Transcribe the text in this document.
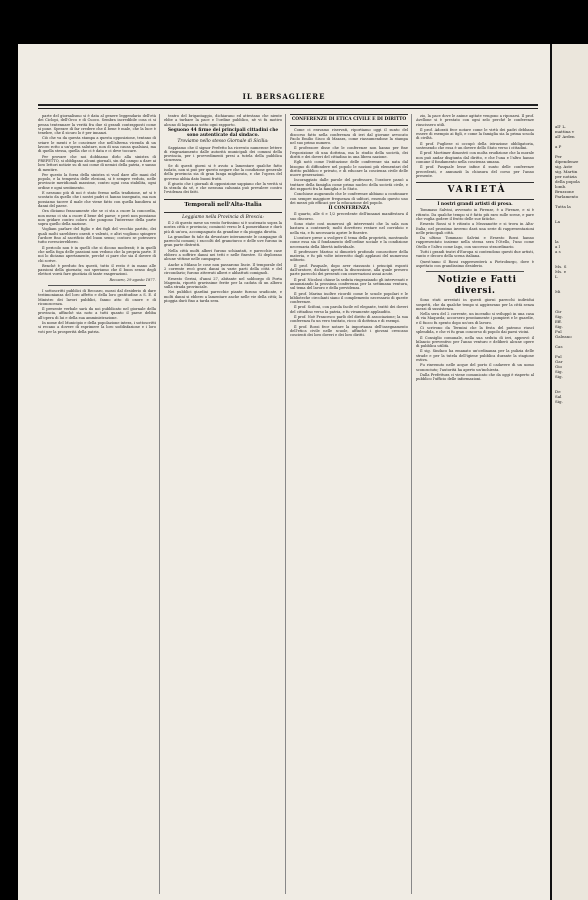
IL BERSAGLIERE

parte del giornalismo si è data al genere leggendario dell'età dei Ciclopi, dell'Orco e di Cuoco. Sembra incredibile cosa ci si pensa tentennare la verità fra due sì grandi contrapposti come si pone. Sperare di far credere che il bene è male, che la luce è tenebre, che il sicuro lo è per innanzi.

Ciò che va da questa stampa a questa opposizione, tentano di sviare le menti e le coscienze che nell'alterna vicenda di un lavoro rotto a un'opera salutare, non di una causa qualsiasi, ma di quella stessa, quella che ci è data e ci deve toccare.

Per provare che noi dobbiamo dirlo alla sinistra di PREFETTO, si obbligano alcuni giornali, sin dal campo a dare ai loro lettori notizie su di noi come di nemici della patria, e sanno di mentire.

Per questo la forza della sinistra si vuol dare alle mani del popolo, e la tempesta delle elezioni, si è sempre veduto, nelle provincie meridionali massime, contro ogni cosa stabilita, ogni ordine e ogni sentimento.

E nessuno più di noi è stato fermo nella tradizione, né si è scostato da quello che i nostri padri ci hanno insegnato, ma non possiamo tacere il male che viene fatto con quella bandiera ai danni del paese.

Ora diciamo francamente che se ci sta a cuore la concordia, non meno ci sta a cuore il bene del paese; e però non possiamo non gridare contro coloro che pongono l'interesse della parte sopra quello della nazione.

Vogliam parlare del figlio e dei figli del vecchio partito, dei quali molti sarebbero onesti e valenti, e altri vogliono spingere l'ardore fino al sacrificio del buon senso; costoro se potessero tutto rovescierebbero.

Il pericolo non è in quelli che si dicono moderati; è in quelli che nella foga delle passioni non vedono che la propria parte. E noi lo diciamo apertamente, perché ci pare che sia il dovere di chi scrive.

Benché è perduto fra questi, tutto il resto è in mano alle passioni della giornata; noi speriamo che il buon senso degli elettori vorrà fare giustizia di tante esagerazioni.

Recoaro, 29 agosto 1877.

I sottoscritti pubblici di Recoaro, mossi dal desiderio di dare testimonianza del loro affetto e della loro gratitudine a S. E. il Ministro dei lavori pubblici, fanno atto di onore e di riconoscenza.

Il presente verbale sarà da noi pubblicato nel giornale della provincia, affinché sia noto a tutti quanto il paese debba all'opera di lui e della sua amministrazione.

In nome del Municipio e della popolazione intera, i sottoscritti si recano a dovere di esprimere la loro soddisfazione e i loro voti per la prosperità della patria.

teatro del brigantaggio, dichiarano ed attestano che niente ebbe a turbare la pace e l'ordine pubblico, nè vi fu motivo alcuno di lagnanza sotto ogni rapporto.

Seguono 44 firme dei principali cittadini che sono autenticate dal sindaco.

Troviamo nello stesso Giornale di Sicilia:

Sappiamo che il signor Prefetto ha ricevuto numerose lettere di ringraziamento dalle autorità municipali dei comuni della provincia, per i provvedimenti presi a tutela della pubblica sicurezza.

Se di questi giorni si è avuto a lamentare qualche fatto isolato, non si può per questo negare che la condizione generale della provincia sia di gran lunga migliorata, e che l'opera del governo abbia dato buoni frutti.

È giusto che i giornali di opposizione sappiano che la verità si fa strada da sé, e che nessuna calunnia può prevalere contro l'evidenza dei fatti.

Temporali nell'Alta-Italia

Leggiamo nella Provincia di Brescia:

Il 2 di questo mese un vento fortissimo si è scatenato sopra la nostra città e provincia; cominciò verso le 4 pomeridiane e durò più di un'ora, accompagnato da grandine e da pioggia dirotta.

La grandine fu tale da devastare interamente le campagne di parecchi comuni; i raccolti del granoturco e delle uve furono in gran parte distrutti.

Nella città molti alberi furono schiantati, e parecchie case ebbero a soffrire danni nei tetti e nelle finestre. Si deplorano alcune vittime nelle campagne.

Anche a Milano le cose non passarono liscie. Il temporale del 2 corrente recò gravi danni in varie parti della città e del circondario; furono atterrati alberi e abbattuti comignoli.

Ernesto Gerini, d'anni 27, abitante nel sobborgo di Porta Magenta, riportò gravissime ferite per la caduta di un albero sulla strada provinciale.

Nei pubblici giardini parecchie piante furono sradicate, e molti danni si ebbero a lamentare anche nelle vie della città; la pioggia durò fino a tarda sera.

CONFERENZE DI ETICA CIVILE E DI DIRITTO

Come ci eravamo riservati, riportiamo oggi il sunto del discorso fatto nella conferenza di ieri dal giovane avvocato Paolo Emilio Sisco di Mazara, come riassumendone la stampa nel suo primo numero.

Il professore disse che le conferenze non hanno per fine l'esposizione di una dottrina, ma lo studio della società, dei diritti e dei doveri del cittadino in una libera nazione.

Egli notò come l'istituzione delle conferenze sia nata dal bisogno di diffondere nel popolo le nozioni più elementari del diritto pubblico e privato, e di educare la coscienza civile delle nuove generazioni.

Incoraggiato dalle parole del professore, l'oratore passò a trattare della famiglia come primo nucleo della società civile, e dei rapporti fra la famiglia e lo Stato.

Conchiuse augurando che le conferenze abbiano a continuare con sempre maggiore frequenza di uditori, essendo questo uno dei mezzi più efficaci per la educazione del popolo.

II CONFERENZA

Il quarto, alle 6 e 1/2 precedente dell'innanzi manifestava il suo discorso.

Sono state così numerosi gli intervenuti che la sala non bastava a contenerli; molti dovettero restare nel corridoio e nella via, e fu necessario aprire le finestre.

L'oratore prese a svolgere il tema della proprietà, mostrando come essa sia il fondamento dell'ordine sociale e la condizione necessaria della libertà individuale.

Il professore Marino si dimostrò profondo conoscitore della materia, e fu più volte interrotto dagli applausi del numeroso uditorio.

Il prof. Pasquale, dopo aver riassunto i principii esposti dall'oratore, dichiarò aperta la discussione, alla quale presero parte parecchi dei presenti con osservazioni assai acute.

Il prof. Nicolosi chiuse la seduta ringraziando gli intervenuti e annunziando la prossima conferenza per la settimana ventura, sul tema del lavoro e della previdenza.

Il prof. Marino inoltre ricordò come le scuole popolari e le biblioteche circolanti siano il complemento necessario di queste conferenze.

Il prof. Scifoni, con parola facile ed elegante, trattò dei doveri del cittadino verso la patria, e fu vivamente applaudito.

Il prof. Noè Francesco parlò del diritto di associazione; la sua conferenza fu un vero trattato, ricco di dottrina e di esempi.

Il prof. Rossi fece notare la importanza dell'insegnamento dell'etica civile nelle scuole, affinché i giovani crescano coscienti dei loro doveri e dei loro diritti.

zio, la pace dove le anime agitate vengono a riposarsi. Il prof. Avellone si è prestato con ogni zelo perché le conferenze riuscissero utili.

Il prof. Adorati fece notare come le virtù dei padri debbano essere di esempio ai figli, e come la famiglia sia la prima scuola di civiltà.

Il prof. Pugliese si occupò della istruzione obbligatoria, sostenendo che essa è un dovere dello Stato verso i cittadini.

Il prof. Mortimer dimostrò con molta erudizione che la morale non può andar disgiunta dal diritto, e che l'una e l'altro hanno comune il fondamento nella coscienza umana.

Il prof. Pasquale lesse infine il sunto delle conferenze precedenti, e annunziò la chiusura del corso per l'anno presente.

VARIETÀ

I nostri grandi artisti di prosa.

Tommaso Salvini, avvenuto in Firenze, è a Firenze, e si è ritirato. Da qualche tempo si è fatto più raro sulle scene, e pare che voglia godere il frutto delle sue fatiche.

Ernesto Rossi si è ritirato a Mezzanotte e si trova in Alta-Italia; nel prossimo inverno darà una serie di rappresentazioni nelle principali città.

Da ultimo Tommaso Salvini e Ernesto Rossi hanno rappresentato insieme nella stessa sera l'Otello, l'uno come Otello e l'altro come Iago, con successo straordinario.

Tutti i grandi teatri d'Europa si contendono questi due artisti, vanto e decoro della scena italiana.

Quest'anno il Rossi rappresenterà a Pietroburgo, dove è aspettato con grandissimo desiderio.

Notizie e Fatti diversi.

Sono stati arrestati in questi giorni parecchi individui sospetti, che da qualche tempo si aggiravano per la città senza mezzi di sussistenza.

Nella sera del 2 corrente, un incendio si sviluppò in una casa di via Maqueda; accorsero prontamente i pompieri e le guardie, e il fuoco fu spento dopo un'ora di lavoro.

Ci scrivono da Termini che la festa del patrono riuscì splendida, e che vi fu gran concorso di popolo dai paesi vicini.

Il Consiglio comunale, nella sua seduta di ieri, approvò il bilancio preventivo per l'anno venturo e deliberò alcune opere di pubblica utilità.

Il sig. Sindaco ha emanato un'ordinanza per la pulizia delle strade e per la tutela dell'igiene pubblica durante la stagione estiva.

Fu rinvenuto nelle acque del porto il cadavere di un uomo sconosciuto; l'autorità ha aperto un'inchiesta.

Dalla Prefettura ci viene comunicato che da oggi è riaperto al pubblico l'ufficio delle informazioni.

all' L.
mattina v
all' Arden
a P
Per
dipendenze
sig. Aste
sig. Martin
per notizia
della popola
lomb.
Bruzzone
Parlamento
Tutta la
La
la
a l
a s
Ms. S
Ms. e
L
Mi
Gir
Sig.
Eff.
Sig.
Ful
Galeano
Cas
Ful
Gar
Gio
Sig.
Sig.
De
Sal
Sig.
